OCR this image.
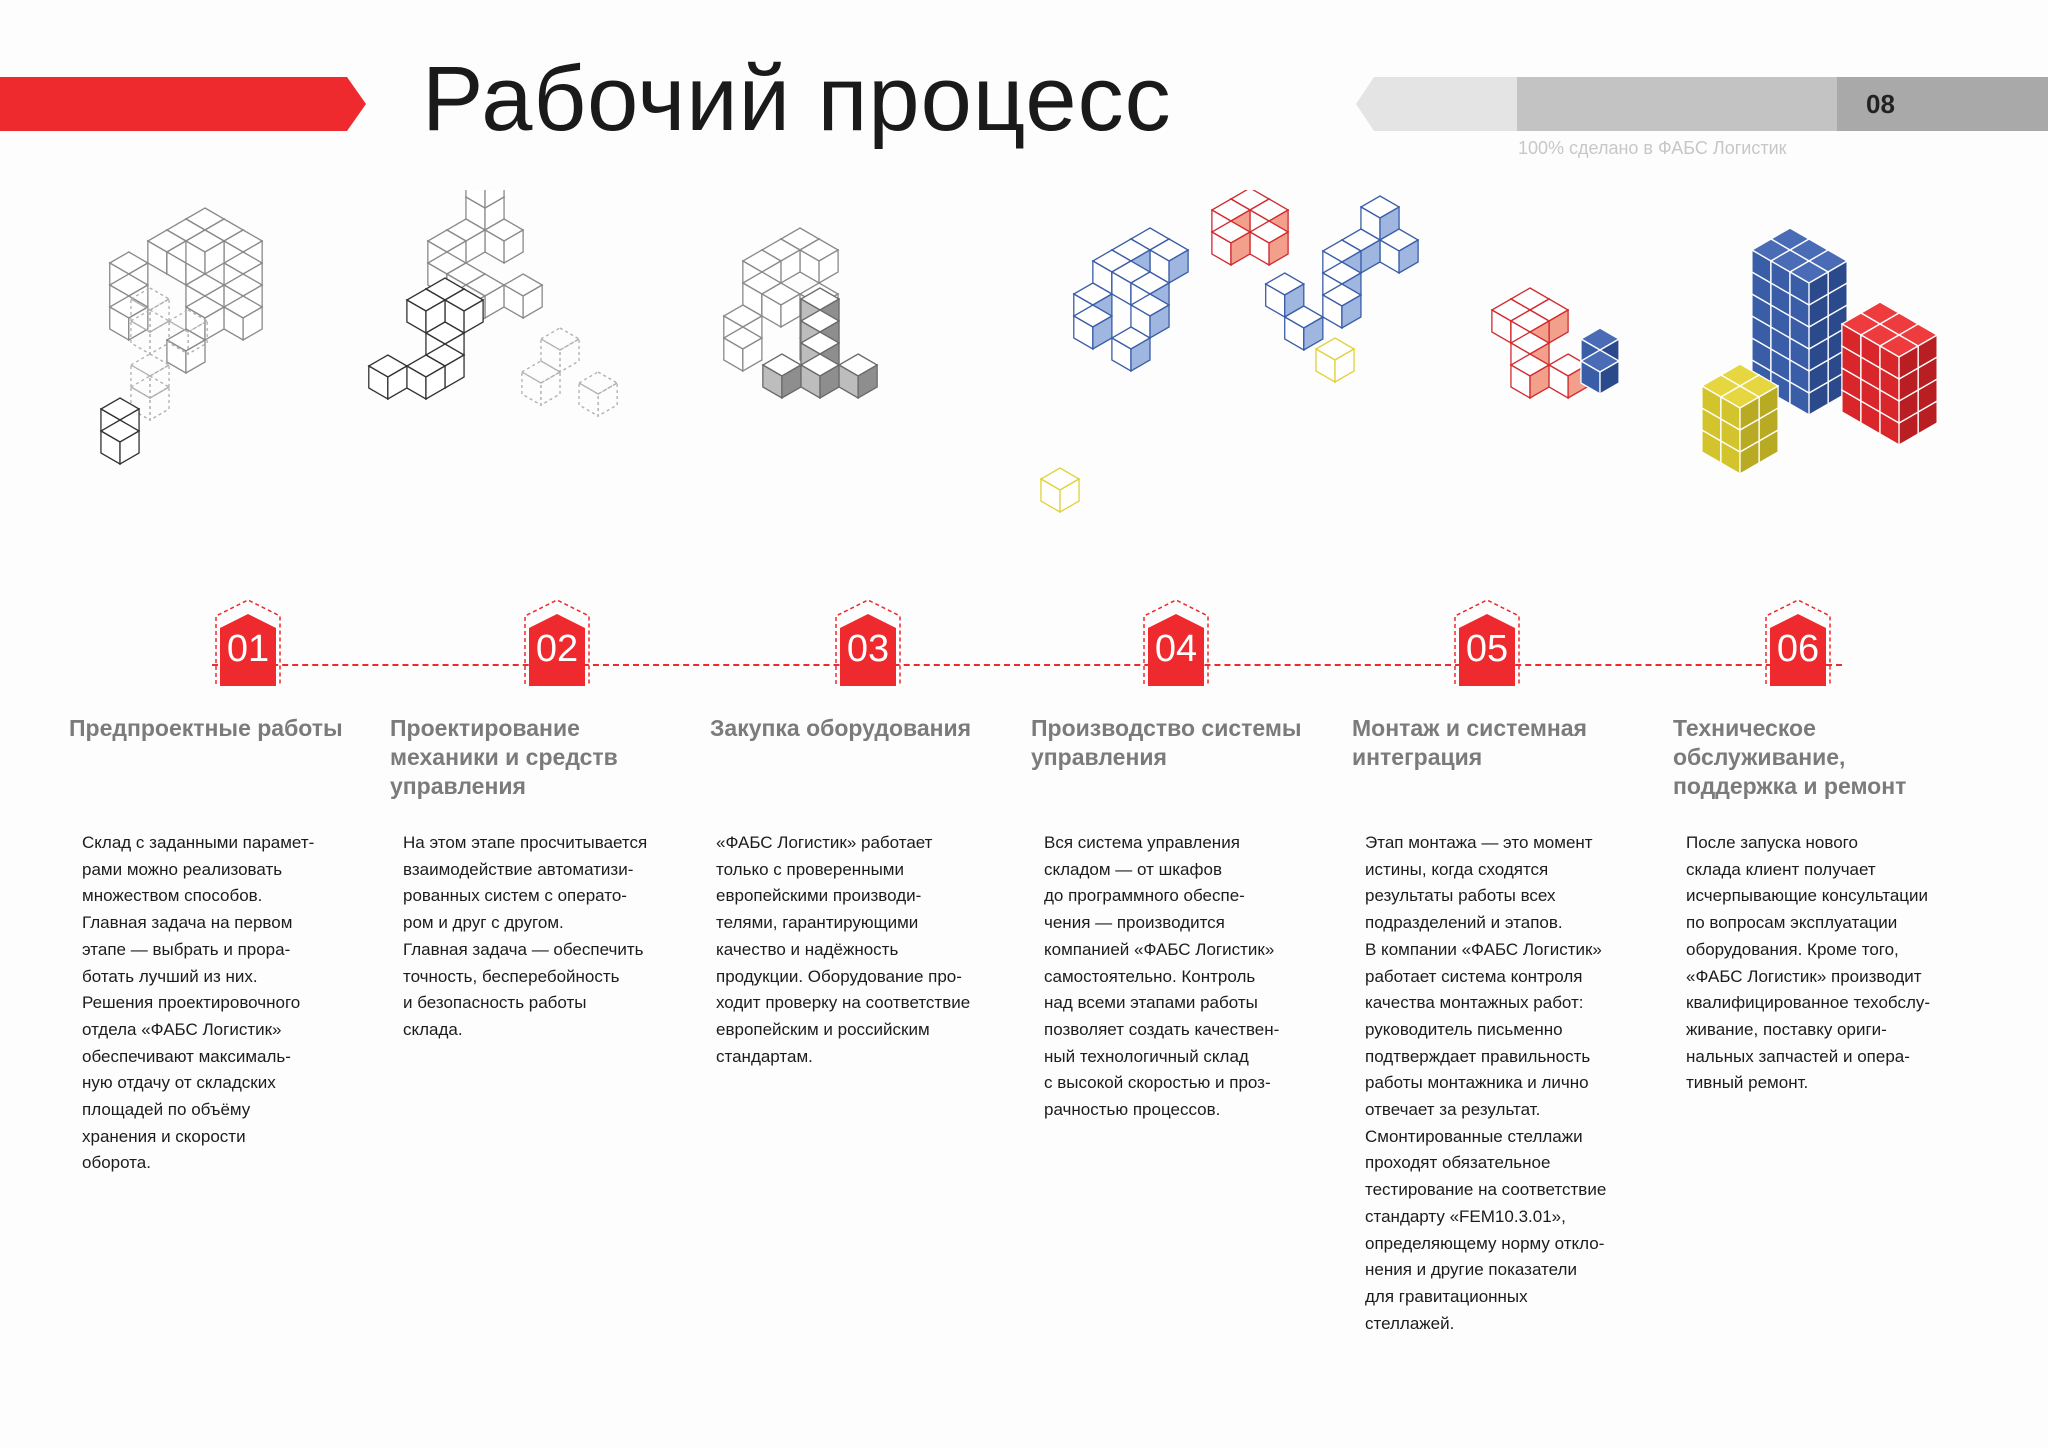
Рабочий процесс	08
100% сделано в ФАБС Логистик
01	02	03	04	05	06
Предпроектные работы	Проектирование механики и средств управления
Закупка оборудования	Производство системы управления
Монтаж и системная интеграция
Техническое обслуживание, поддержка и ремонт
Склад с заданными парамет-
рами можно реализовать
множеством способов.
Главная задача на первом
этапе — выбрать и прора-
ботать лучший из них.
Решения проектировочного
отдела «ФАБС Логистик»
обеспечивают максималь-
ную отдачу от складских
площадей по объёму
хранения и скорости
оборота.
На этом этапе просчитывается
взаимодействие автоматизи-
рованных систем с операто-
ром и друг с другом.
Главная задача — обеспечить
точность, бесперебойность
и безопасность работы
склада.
«ФАБС Логистик» работает
только с проверенными
европейскими производи-
телями, гарантирующими
качество и надёжность
продукции. Оборудование про-
ходит проверку на соответствие
европейским и российским
стандартам.
Вся система управления
складом — от шкафов
до программного обеспе-
чения — производится
компанией «ФАБС Логистик»
самостоятельно. Контроль
над всеми этапами работы
позволяет создать качествен-
ный технологичный склад
с высокой скоростью и проз-
рачностью процессов.
Этап монтажа — это момент
истины, когда сходятся
результаты работы всех
подразделений и этапов.
В компании «ФАБС Логистик»
работает система контроля
качества монтажных работ:
руководитель письменно
подтверждает правильность
работы монтажника и лично
отвечает за результат.
Смонтированные стеллажи
проходят обязательное
тестирование на соответствие
стандарту «FEM10.3.01»,
определяющему норму откло-
нения и другие показатели
для гравитационных
стеллажей.
После запуска нового
склада клиент получает
исчерпывающие консультации
по вопросам эксплуатации
оборудования. Кроме того,
«ФАБС Логистик» производит
квалифицированное техобслу-
живание, поставку ориги-
нальных запчастей и опера-
тивный ремонт.
